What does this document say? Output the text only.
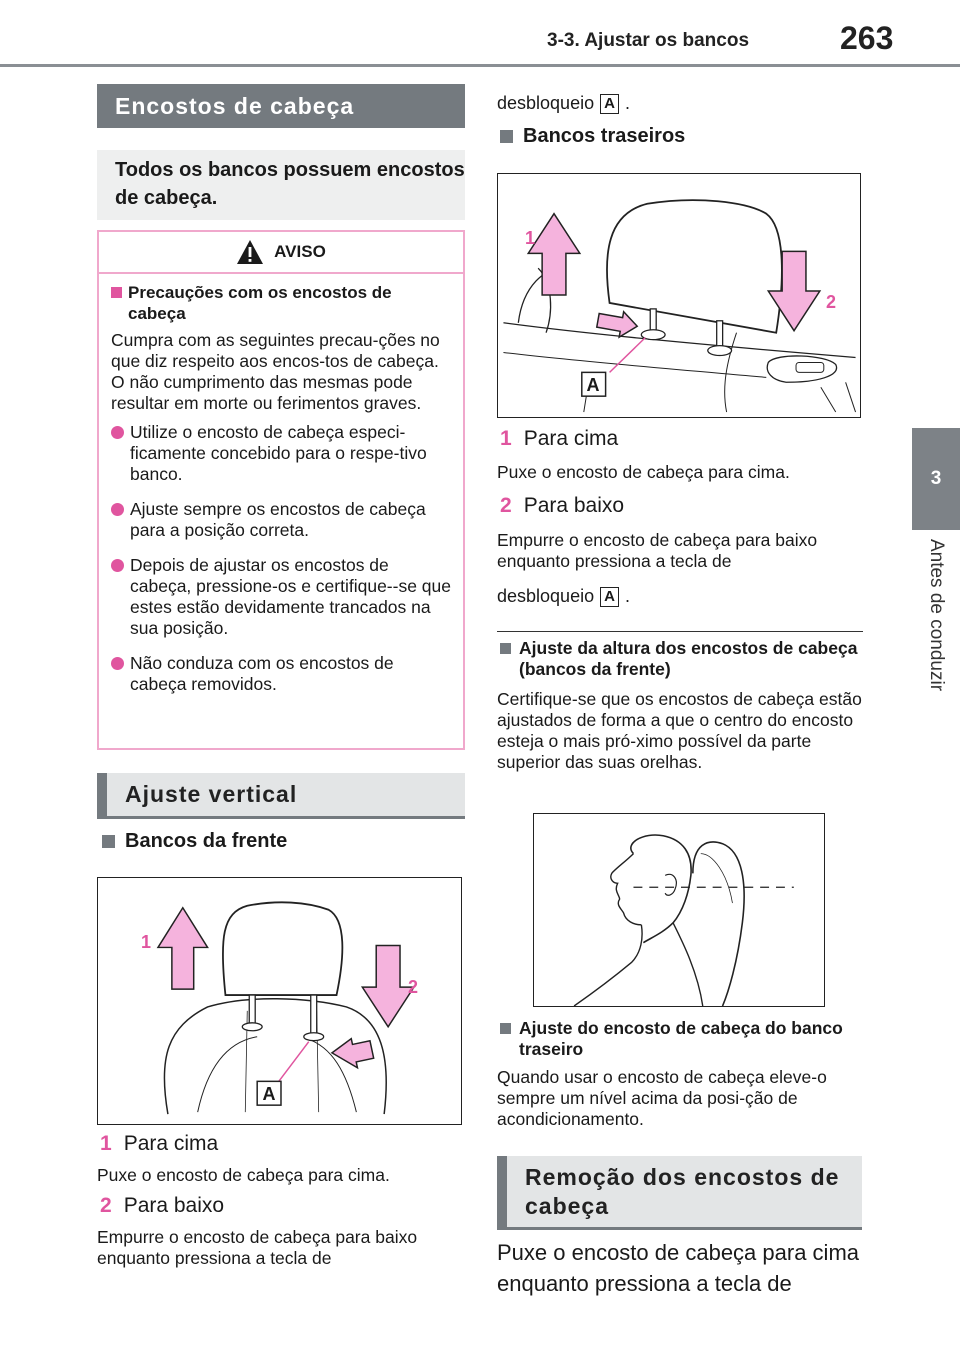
3-3. Ajustar os bancos	263
3
Antes de conduzir
Encostos de cabeça
Todos os bancos possuem encostos de cabeça.
AVISO
Precauções com os encostos de cabeça
Cumpra com as seguintes precau-ções no que diz respeito aos encos-tos de cabeça. O não cumprimento das mesmas pode resultar em morte ou ferimentos graves.
Utilize o encosto de cabeça especi-ficamente concebido para o respe-tivo banco.
Ajuste sempre os encostos de cabeça para a posição correta.
Depois de ajustar os encostos de cabeça, pressione-os e certifique--se que estes estão devidamente trancados na sua posição.
Não conduza com os encostos de cabeça removidos.
Ajuste vertical
Bancos da frente
1
2
A
1 Para cima
Puxe o encosto de cabeça para cima.
2 Para baixo
Empurre o encosto de cabeça para baixo enquanto pressiona a tecla de
desbloqueio A .
Bancos traseiros
1
2
A
1 Para cima
Puxe o encosto de cabeça para cima.
2 Para baixo
Empurre o encosto de cabeça para baixo enquanto pressiona a tecla de
desbloqueio A .
Ajuste da altura dos encostos de cabeça (bancos da frente)
Certifique-se que os encostos de cabeça estão ajustados de forma a que o centro do encosto esteja o mais pró-ximo possível da parte superior das suas orelhas.
Ajuste do encosto de cabeça do banco traseiro
Quando usar o encosto de cabeça eleve-o sempre um nível acima da posi-ção de acondicionamento.
Remoção dos encostos de cabeça
Puxe o encosto de cabeça para cima enquanto pressiona a tecla de
